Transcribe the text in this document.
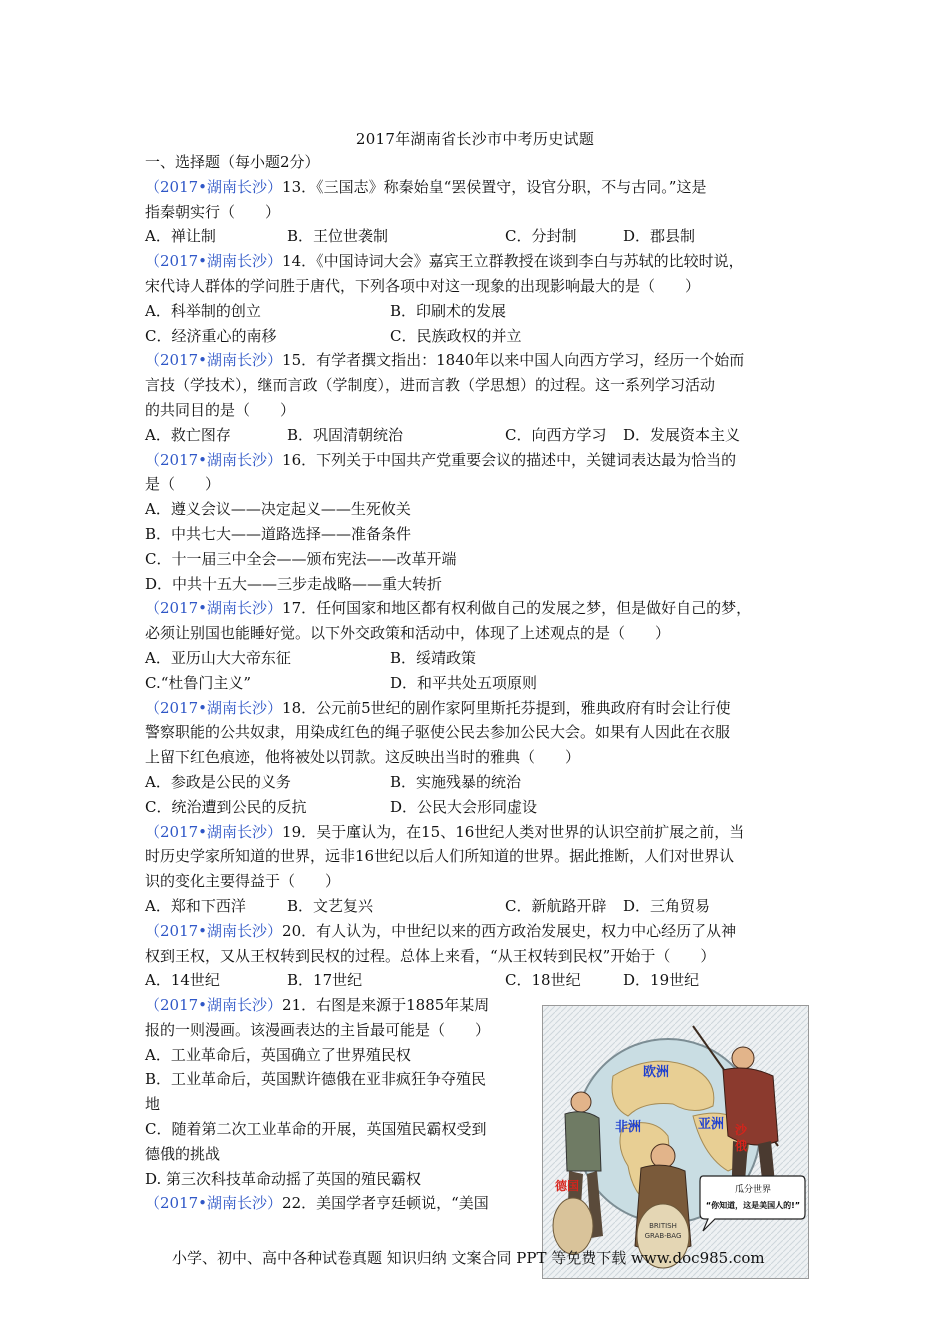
2017年湖南省长沙市中考历史试题
一、选择题（每小题2分）
（2017•湖南长沙）13．《三国志》称秦始皇“罢侯置守，设官分职，不与古同。”这是
指秦朝实行（　　）
A．禅让制	B．王位世袭制	C．分封制	D．郡县制
（2017•湖南长沙）14．《中国诗词大会》嘉宾王立群教授在谈到李白与苏轼的比较时说，
宋代诗人群体的学问胜于唐代，下列各项中对这一现象的出现影响最大的是（　　）
A．科举制的创立	B．印刷术的发展
C．经济重心的南移	C．民族政权的并立
（2017•湖南长沙）15．有学者撰文指出：1840年以来中国人向西方学习，经历一个始而
言技（学技术），继而言政（学制度），进而言教（学思想）的过程。这一系列学习活动
的共同目的是（　　）
A．救亡图存	B．巩固清朝统治	C．向西方学习	D．发展资本主义
（2017•湖南长沙）16．下列关于中国共产党重要会议的描述中，关键词表达最为恰当的
是（　　）
A．遵义会议——决定起义——生死攸关
B．中共七大——道路选择——准备条件
C．十一届三中全会——颁布宪法——改革开端
D．中共十五大——三步走战略——重大转折
（2017•湖南长沙）17．任何国家和地区都有权利做自己的发展之梦，但是做好自己的梦，
必须让别国也能睡好觉。以下外交政策和活动中，体现了上述观点的是（　　）
A．亚历山大大帝东征	B．绥靖政策
C.“杜鲁门主义”	D．和平共处五项原则
（2017•湖南长沙）18．公元前5世纪的剧作家阿里斯托芬提到，雅典政府有时会让行使
警察职能的公共奴隶，用染成红色的绳子驱使公民去参加公民大会。如果有人因此在衣服
上留下红色痕迹，他将被处以罚款。这反映出当时的雅典（　　）
A．参政是公民的义务	B．实施残暴的统治
C．统治遭到公民的反抗	D．公民大会形同虚设
（2017•湖南长沙）19．吴于廑认为，在15、16世纪人类对世界的认识空前扩展之前，当
时历史学家所知道的世界，远非16世纪以后人们所知道的世界。据此推断，人们对世界认
识的变化主要得益于（　　）
A．郑和下西洋	B．文艺复兴	C．新航路开辟	D．三角贸易
（2017•湖南长沙）20．有人认为，中世纪以来的西方政治发展史，权力中心经历了从神
权到王权，又从王权转到民权的过程。总体上来看，“从王权转到民权”开始于（　　）
A．14世纪	B．17世纪	C．18世纪	D．19世纪
（2017•湖南长沙）21．右图是来源于1885年某周
报的一则漫画。该漫画表达的主旨最可能是（　　）
A．工业革命后，英国确立了世界殖民权
B．工业革命后，英国默许德俄在亚非疯狂争夺殖民
地
C．随着第二次工业革命的开展，英国殖民霸权受到
德俄的挑战
D. 第三次科技革命动摇了英国的殖民霸权
（2017•湖南长沙）22．美国学者亨廷顿说，“美国
BRITISH
GRAB-BAG
欧洲
非洲	亚洲 沙
俄
德国	瓜分世界
“你知道，这是美国人的!”
小学、初中、高中各种试卷真题 知识归纳 文案合同 PPT 等免费下载 www.doc985.com
